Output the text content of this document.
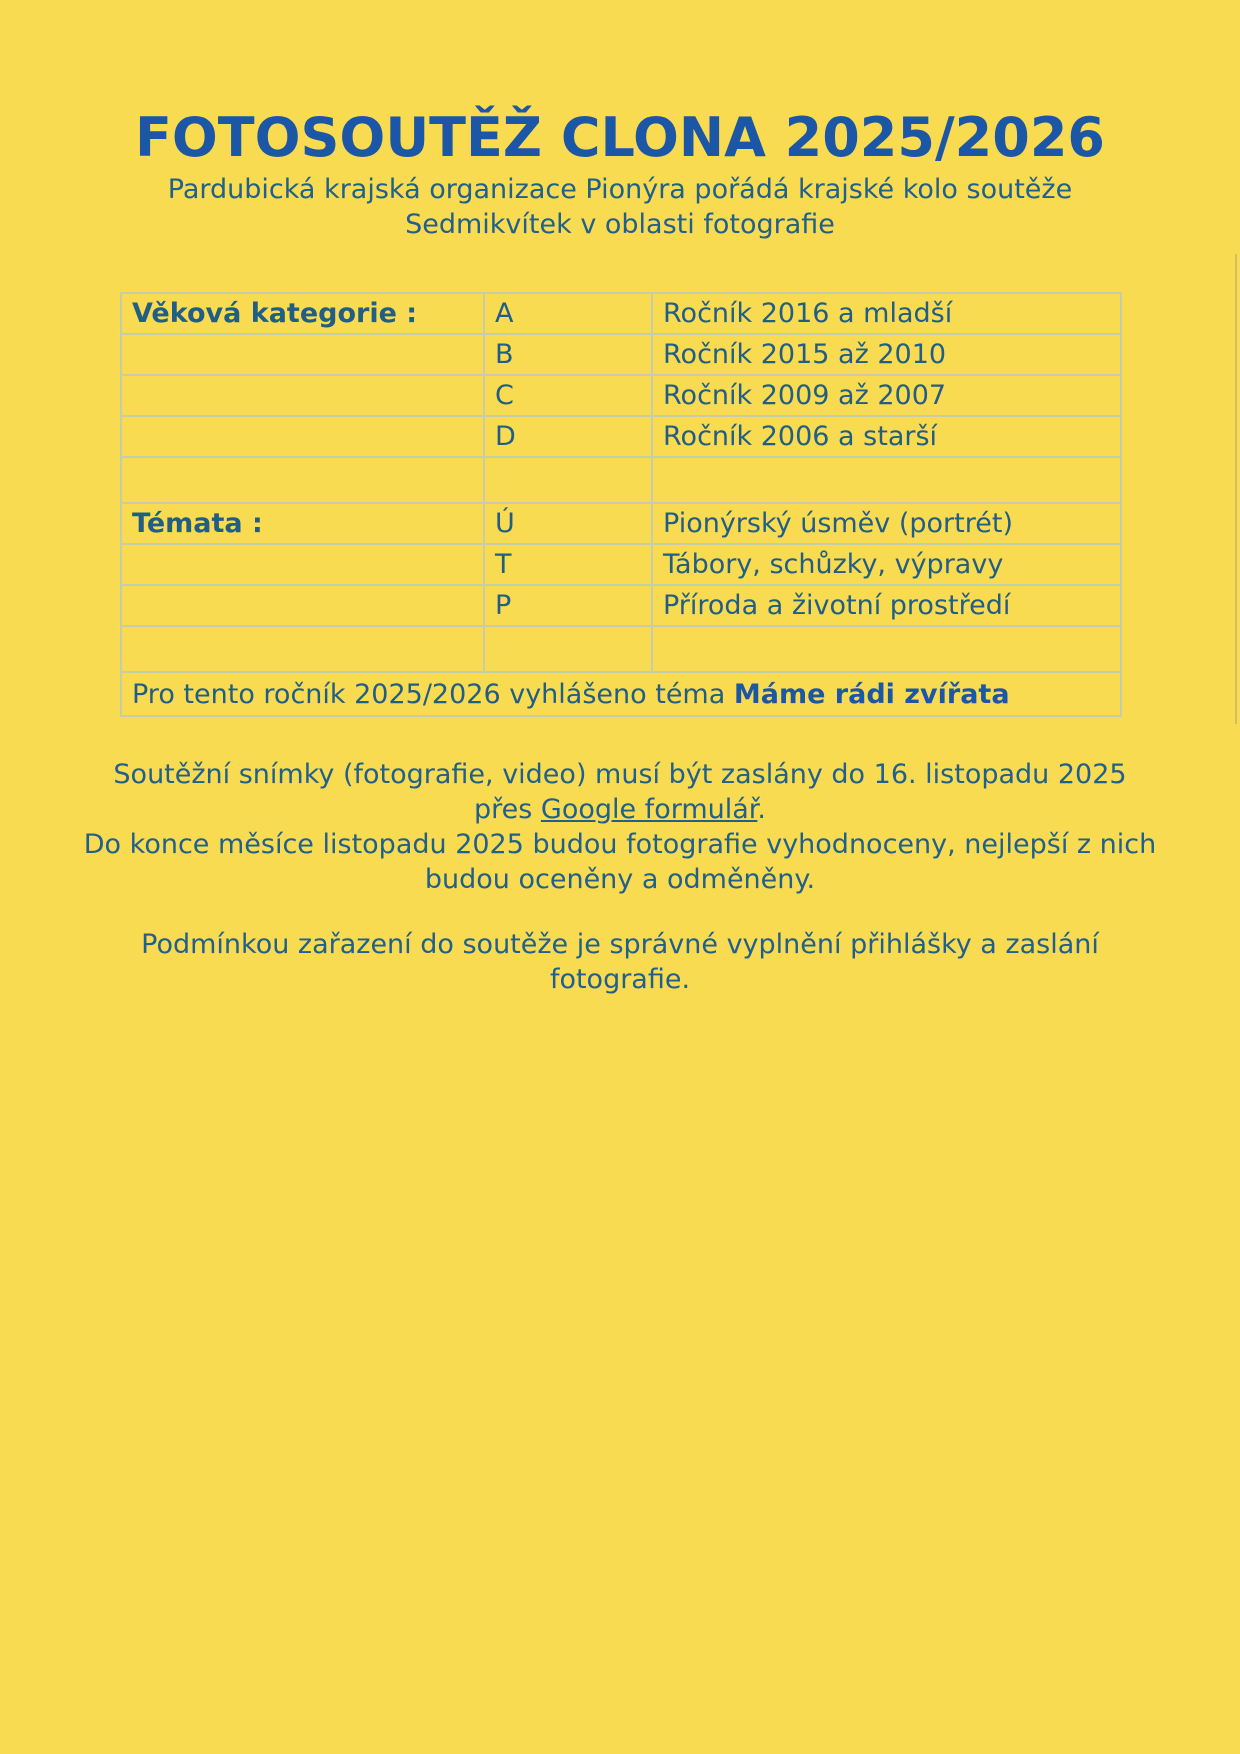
FOTOSOUTĚŽ CLONA 2025/2026
Pardubická krajská organizace Pionýra pořádá krajské kolo soutěže
Sedmikvítek v oblasti fotografie
Věková kategorie :	A	Ročník 2016 a mladší
	B	Ročník 2015 až 2010
	C	Ročník 2009 až 2007
	D	Ročník 2006 a starší

Témata :	Ú	Pionýrský úsměv (portrét)
	T	Tábory, schůzky, výpravy
	P	Příroda a životní prostředí

Pro tento ročník 2025/2026 vyhlášeno téma Máme rádi zvířata		
Soutěžní snímky (fotografie, video) musí být zaslány do 16. listopadu 2025
přes Google formulář.
Do konce měsíce listopadu 2025 budou fotografie vyhodnoceny, nejlepší z nich
budou oceněny a odměněny.
Podmínkou zařazení do soutěže je správné vyplnění přihlášky a zaslání
fotografie.
